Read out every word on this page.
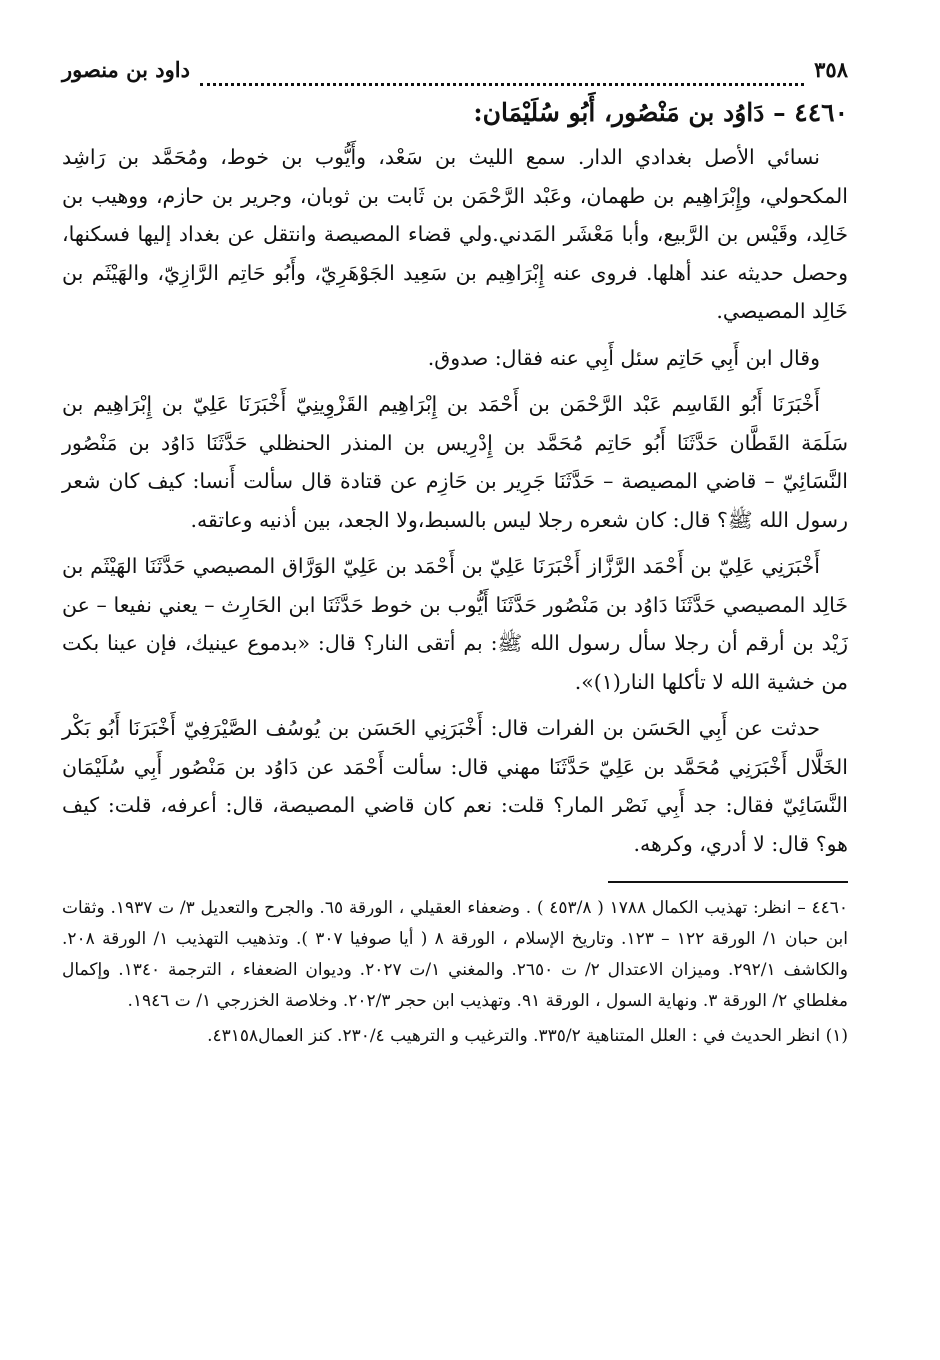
٣٥٨
داود بن منصور
٤٤٦٠ – دَاوُد بن مَنْصُور، أَبُو سُلَيْمَان:

نسائي الأصل بغدادي الدار. سمع الليث بن سَعْد، وأَيُّوب بن خوط، ومُحَمَّد بن رَاشِد المكحولي، وإِبْرَاهِيم بن طهمان، وعَبْد الرَّحْمَن بن ثَابت بن ثوبان، وجرير بن حازم، ووهيب بن خَالِد، وقَيْس بن الرَّبيع، وأبا مَعْشَر المَدني.ولي قضاء المصيصة وانتقل عن بغداد إليها فسكنها، وحصل حديثه عند أهلها. فروى عنه إِبْرَاهِيم بن سَعِيد الجَوْهَرِيّ، وأَبُو حَاتِم الرَّازِيّ، والهَيْثَم بن خَالِد المصيصي.

وقال ابن أَبِي حَاتِم سئل أَبِي عنه فقال: صدوق.

أَخْبَرَنَا أَبُو القَاسِم عَبْد الرَّحْمَن بن أَحْمَد بن إِبْرَاهِيم القَزْوِينِيّ أَخْبَرَنَا عَلِيّ بن إِبْرَاهِيم بن سَلَمَة القَطَّان حَدَّثَنَا أَبُو حَاتِم مُحَمَّد بن إِدْرِيس بن المنذر الحنظلي حَدَّثَنَا دَاوُد بن مَنْصُور النَّسَائِيّ – قاضي المصيصة – حَدَّثَنَا جَرِير بن حَازِم عن قتادة قال سألت أَنسا: كيف كان شعر رسول الله ﷺ؟ قال: كان شعره رجلا ليس بالسبط،ولا الجعد، بين أذنيه وعاتقه.

أَخْبَرَنِي عَلِيّ بن أَحْمَد الرَّزَّاز أَخْبَرَنَا عَلِيّ بن أَحْمَد بن عَلِيّ الوَرَّاق المصيصي حَدَّثَنَا الهَيْثَم بن خَالِد المصيصي حَدَّثَنَا دَاوُد بن مَنْصُور حَدَّثَنَا أَيُّوب بن خوط حَدَّثَنَا ابن الحَارِث – يعني نفيعا – عن زَيْد بن أرقم أن رجلا سأل رسول الله ﷺ: بم أتقى النار؟ قال: «بدموع عينيك، فإن عينا بكت من خشية الله لا تأكلها النار(١)».

حدثت عن أَبِي الحَسَن بن الفرات قال: أَخْبَرَنِي الحَسَن بن يُوسُف الصَّيْرَفِيّ أَخْبَرَنَا أَبُو بَكْر الخَلَّال أَخْبَرَنِي مُحَمَّد بن عَلِيّ حَدَّثَنَا مهني قال: سألت أَحْمَد عن دَاوُد بن مَنْصُور أَبِي سُلَيْمَان النَّسَائِيّ فقال: جد أَبِي نَصْر المار؟ قلت: نعم كان قاضي المصيصة، قال: أعرفه، قلت: كيف هو؟ قال: لا أدري، وكرهه.

٤٤٦٠ – انظر: تهذيب الكمال ١٧٨٨ ( ٤٥٣/٨ ) . وضعفاء العقيلي ، الورقة ٦٥. والجرح والتعديل ٣/ ت ١٩٣٧. وثقات ابن حبان ١/ الورقة ١٢٢ – ١٢٣. وتاريخ الإسلام ، الورقة ٨ ( أيا صوفيا ٣٠٧ ). وتذهيب التهذيب ١/ الورقة ٢٠٨. والكاشف ٢٩٢/١. وميزان الاعتدال ٢/ ت ٢٦٥٠. والمغني ١/ت ٢٠٢٧. وديوان الضعفاء ، الترجمة ١٣٤٠. وإكمال مغلطاي ٢/ الورقة ٣. ونهاية السول ، الورقة ٩١. وتهذيب ابن حجر ٢٠٢/٣. وخلاصة الخزرجي ١/ ت ١٩٤٦.

(١) انظر الحديث في : العلل المتناهية ٣٣٥/٢. والترغيب و الترهيب ٢٣٠/٤. كنز العمال٤٣١٥٨.
